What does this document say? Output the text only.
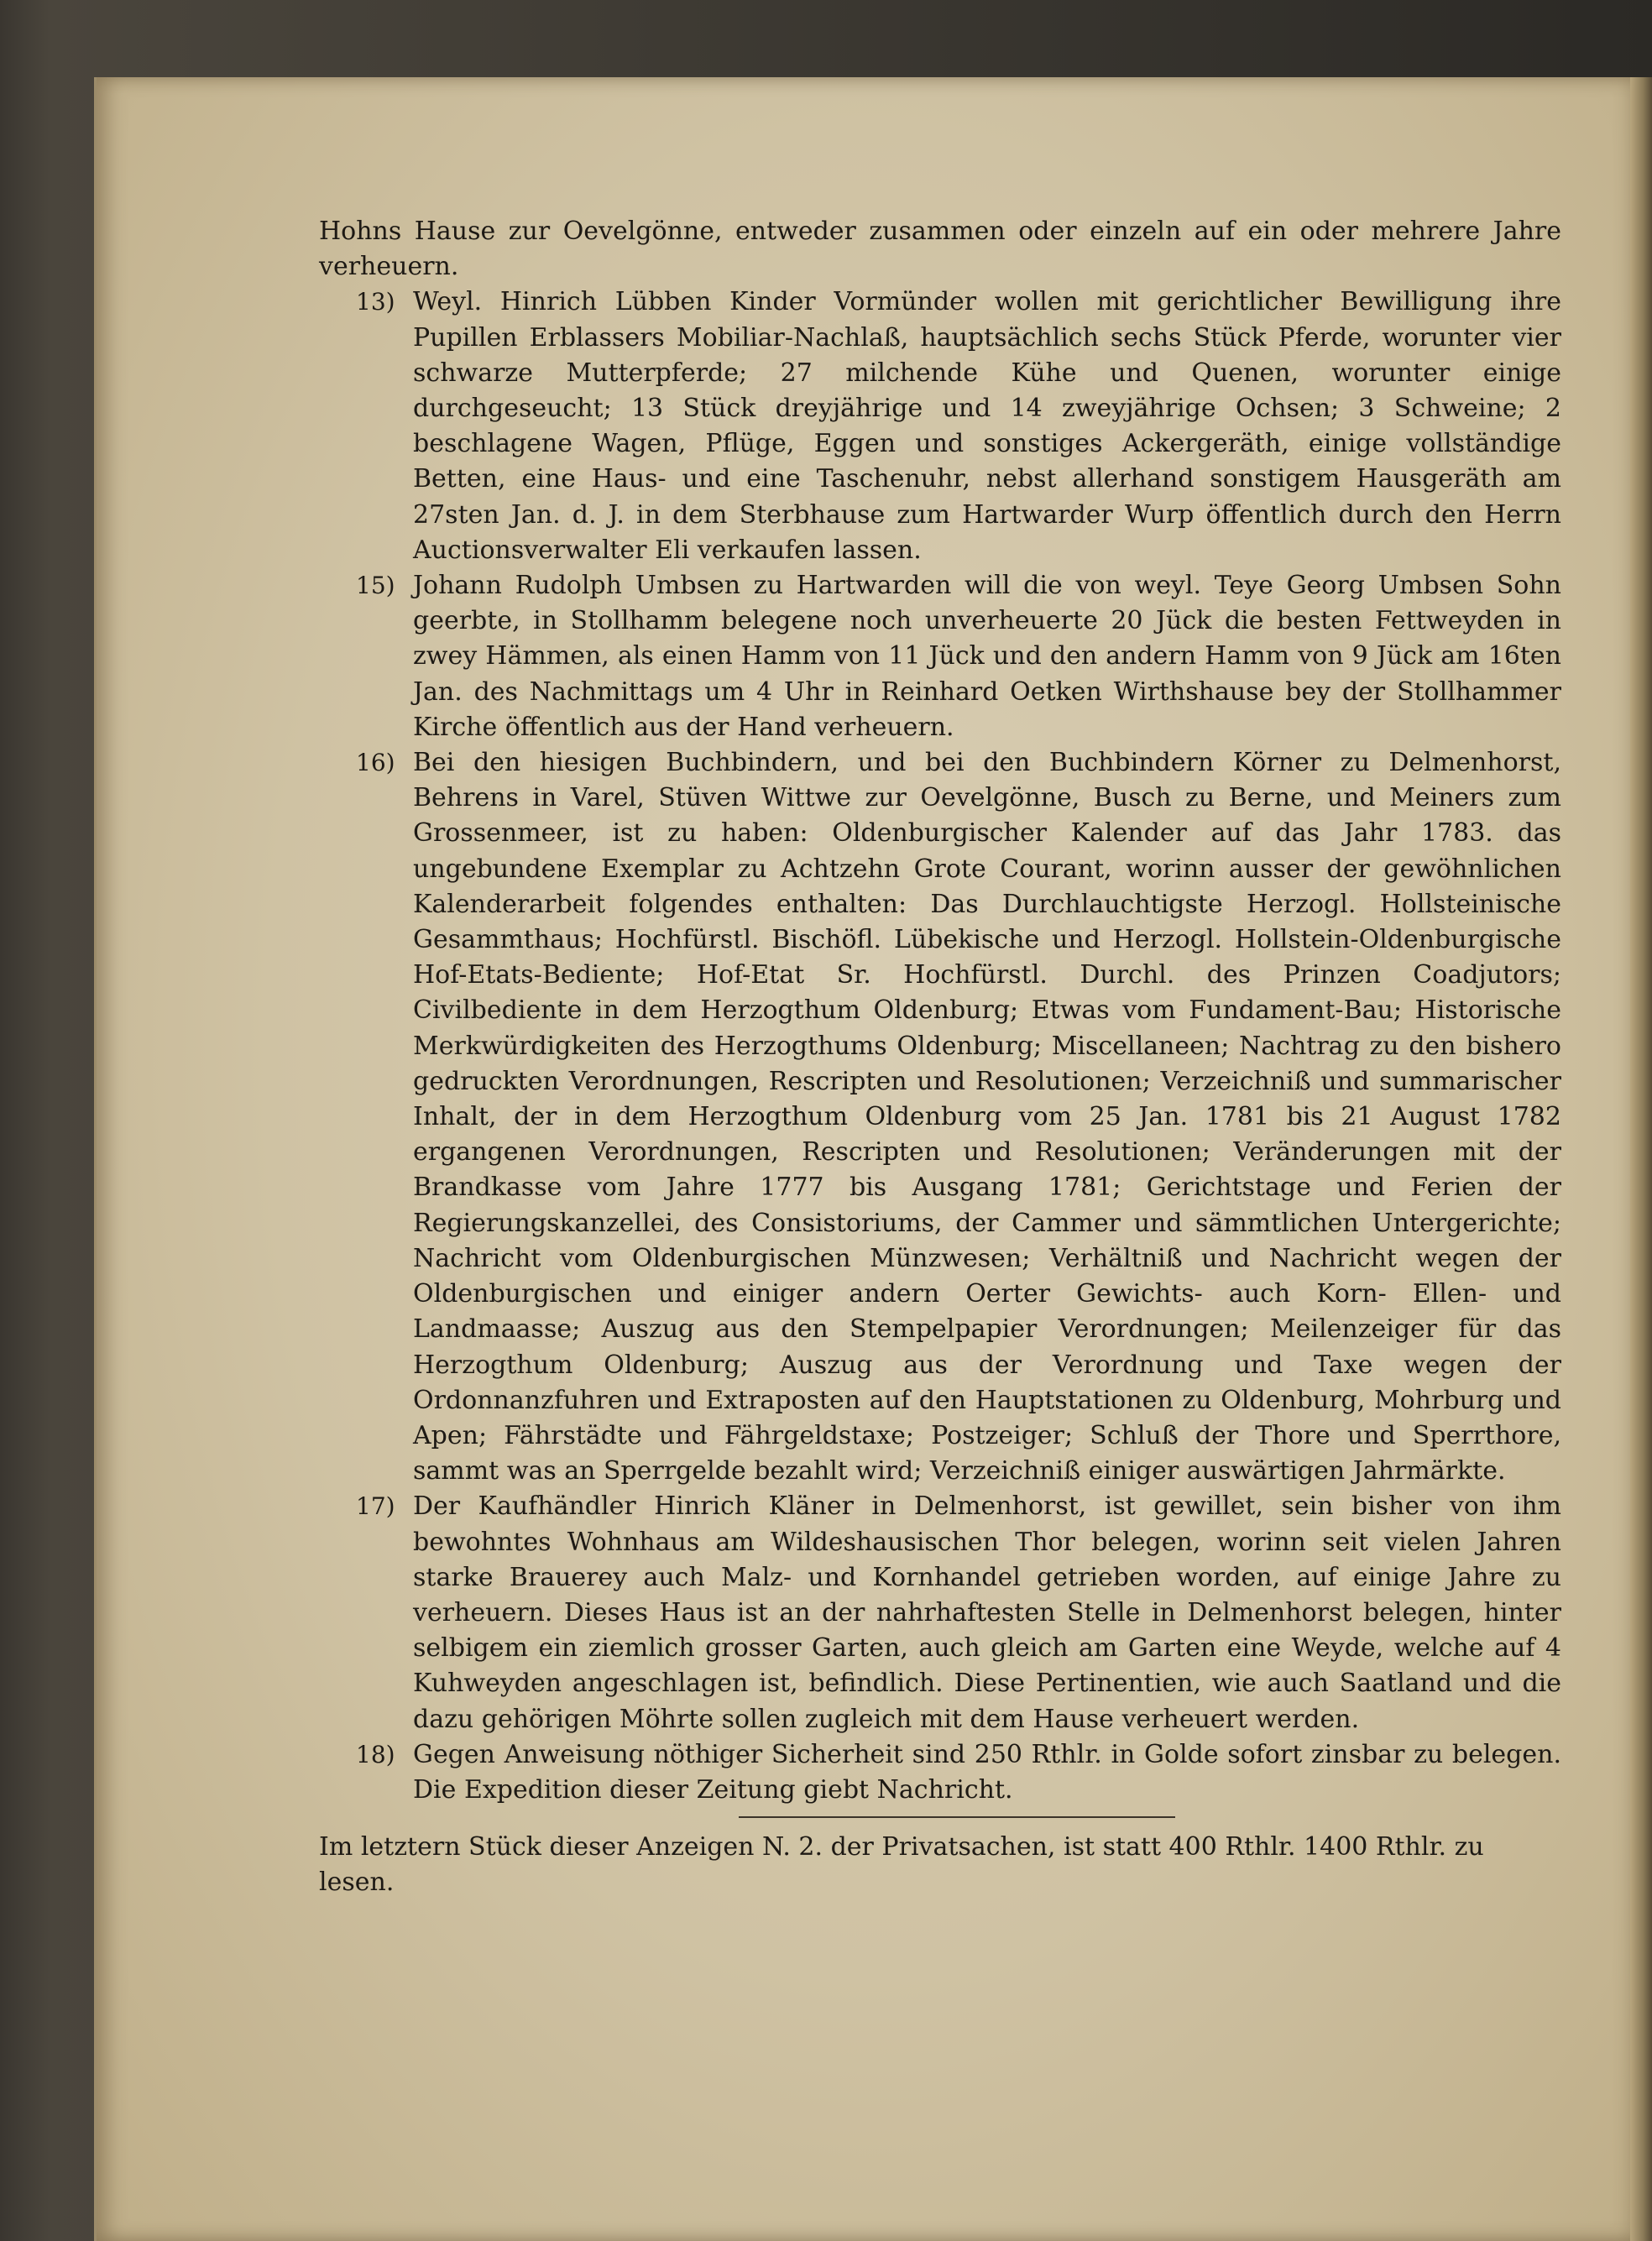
Hohns Hause zur Oevelgönne, entweder zusammen oder einzeln auf ein oder mehrere Jahre verheuern.

13) Weyl. Hinrich Lübben Kinder Vormünder wollen mit gerichtlicher Bewilligung ihre Pupillen Erblassers Mobiliar-Nachlaß, hauptsächlich sechs Stück Pferde, worunter vier schwarze Mutterpferde; 27 milchende Kühe und Quenen, worunter einige durchgeseucht; 13 Stück dreyjährige und 14 zweyjährige Ochsen; 3 Schweine; 2 beschlagene Wagen, Pflüge, Eggen und sonstiges Ackergeräth, einige vollständige Betten, eine Haus- und eine Taschenuhr, nebst allerhand sonstigem Hausgeräth am 27sten Jan. d. J. in dem Sterbhause zum Hartwarder Wurp öffentlich durch den Herrn Auctionsverwalter Eli verkaufen lassen.

15) Johann Rudolph Umbsen zu Hartwarden will die von weyl. Teye Georg Umbsen Sohn geerbte, in Stollhamm belegene noch unverheuerte 20 Jück die besten Fettweyden in zwey Hämmen, als einen Hamm von 11 Jück und den andern Hamm von 9 Jück am 16ten Jan. des Nachmittags um 4 Uhr in Reinhard Oetken Wirthshause bey der Stollhammer Kirche öffentlich aus der Hand verheuern.

16) Bei den hiesigen Buchbindern, und bei den Buchbindern Körner zu Delmenhorst, Behrens in Varel, Stüven Wittwe zur Oevelgönne, Busch zu Berne, und Meiners zum Grossenmeer, ist zu haben: Oldenburgischer Kalender auf das Jahr 1783. das ungebundene Exemplar zu Achtzehn Grote Courant, worinn ausser der gewöhnlichen Kalenderarbeit folgendes enthalten: Das Durchlauchtigste Herzogl. Hollsteinische Gesammthaus; Hochfürstl. Bischöfl. Lübekische und Herzogl. Hollstein-Oldenburgische Hof-Etats-Bediente; Hof-Etat Sr. Hochfürstl. Durchl. des Prinzen Coadjutors; Civilbediente in dem Herzogthum Oldenburg; Etwas vom Fundament-Bau; Historische Merkwürdigkeiten des Herzogthums Oldenburg; Miscellaneen; Nachtrag zu den bishero gedruckten Verordnungen, Rescripten und Resolutionen; Verzeichniß und summarischer Inhalt, der in dem Herzogthum Oldenburg vom 25 Jan. 1781 bis 21 August 1782 ergangenen Verordnungen, Rescripten und Resolutionen; Veränderungen mit der Brandkasse vom Jahre 1777 bis Ausgang 1781; Gerichtstage und Ferien der Regierungskanzellei, des Consistoriums, der Cammer und sämmtlichen Untergerichte; Nachricht vom Oldenburgischen Münzwesen; Verhältniß und Nachricht wegen der Oldenburgischen und einiger andern Oerter Gewichts- auch Korn- Ellen- und Landmaasse; Auszug aus den Stempelpapier Verordnungen; Meilenzeiger für das Herzogthum Oldenburg; Auszug aus der Verordnung und Taxe wegen der Ordonnanzfuhren und Extraposten auf den Hauptstationen zu Oldenburg, Mohrburg und Apen; Fährstädte und Fährgeldstaxe; Postzeiger; Schluß der Thore und Sperrthore, sammt was an Sperrgelde bezahlt wird; Verzeichniß einiger auswärtigen Jahrmärkte.

17) Der Kaufhändler Hinrich Kläner in Delmenhorst, ist gewillet, sein bisher von ihm bewohntes Wohnhaus am Wildeshausischen Thor belegen, worinn seit vielen Jahren starke Brauerey auch Malz- und Kornhandel getrieben worden, auf einige Jahre zu verheuern. Dieses Haus ist an der nahrhaftesten Stelle in Delmenhorst belegen, hinter selbigem ein ziemlich grosser Garten, auch gleich am Garten eine Weyde, welche auf 4 Kuhweyden angeschlagen ist, befindlich. Diese Pertinentien, wie auch Saatland und die dazu gehörigen Möhrte sollen zugleich mit dem Hause verheuert werden.

18) Gegen Anweisung nöthiger Sicherheit sind 250 Rthlr. in Golde sofort zinsbar zu belegen. Die Expedition dieser Zeitung giebt Nachricht.

Im letztern Stück dieser Anzeigen N. 2. der Privatsachen, ist statt 400 Rthlr. 1400 Rthlr. zu lesen.
